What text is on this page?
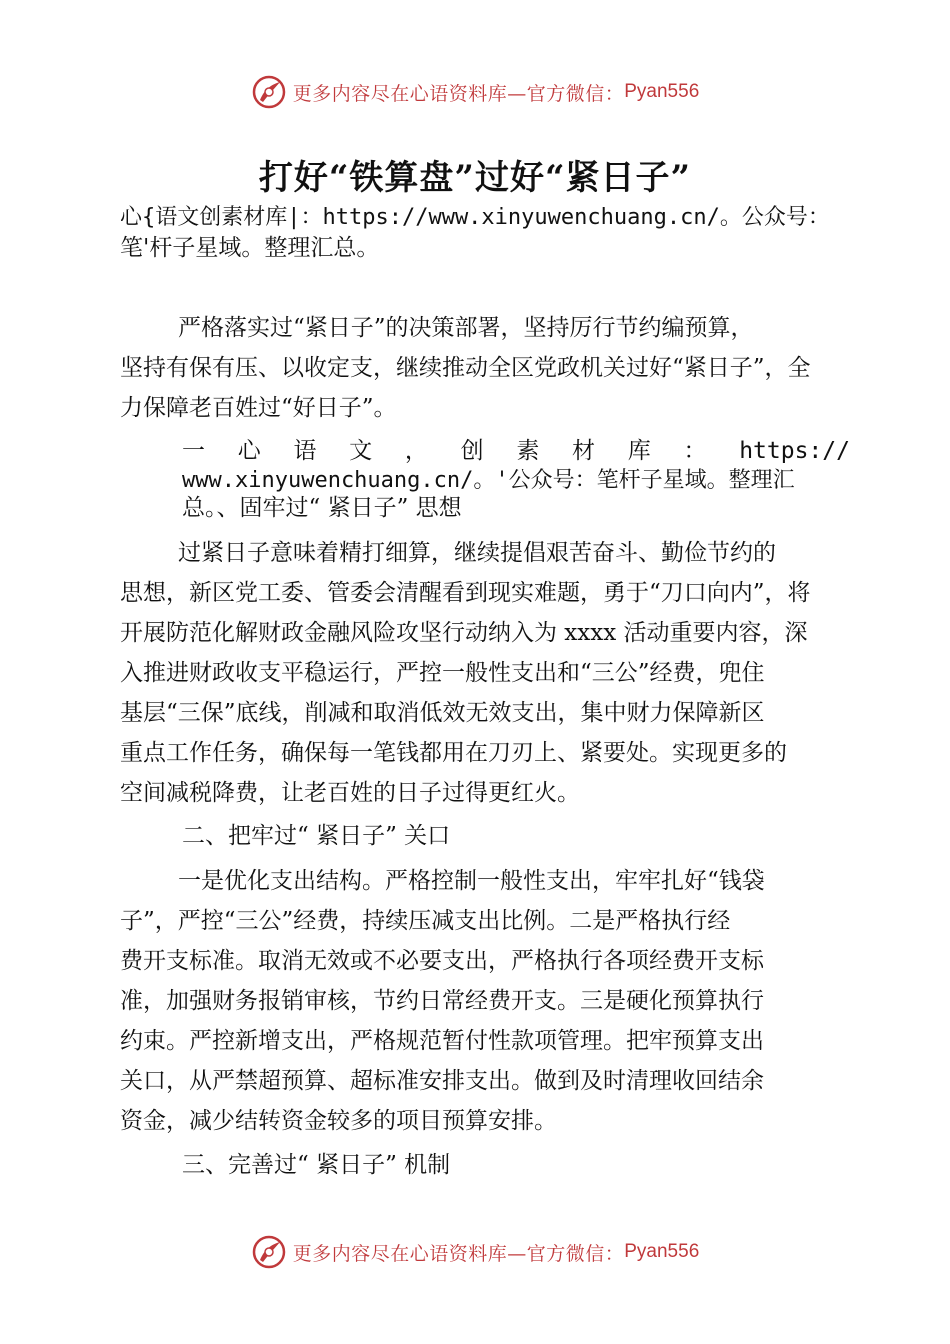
更多内容尽在心语资料库—官方微信： Pyan556
打好“铁算盘”过好“紧日子”
心{语文创素材库|：https://www.xinyuwenchuang.cn/。公众号：
笔'杆子星域。整理汇总。
严格落实过“紧日子”的决策部署，坚持厉行节约编预算，
坚持有保有压、以收定支，继续推动全区党政机关过好“紧日子”，全
力保障老百姓过“好日子”。
一 心 语 文 ， 创 素 材 库 ： https://
www.xinyuwenchuang.cn/。'公众号：笔杆子星域。整理汇
总。、固牢过“ 紧日子” 思想
过紧日子意味着精打细算，继续提倡艰苦奋斗、勤俭节约的
思想，新区党工委、管委会清醒看到现实难题，勇于“刀口向内”，将
开展防范化解财政金融风险攻坚行动纳入为 xxxx 活动重要内容，深
入推进财政收支平稳运行，严控一般性支出和“三公”经费，兜住
基层“三保”底线，削减和取消低效无效支出，集中财力保障新区
重点工作任务，确保每一笔钱都用在刀刃上、紧要处。实现更多的
空间减税降费，让老百姓的日子过得更红火。
二、把牢过“ 紧日子” 关口
一是优化支出结构。严格控制一般性支出，牢牢扎好“钱袋
子”，严控“三公”经费，持续压减支出比例。二是严格执行经
费开支标准。取消无效或不必要支出，严格执行各项经费开支标
准，加强财务报销审核，节约日常经费开支。三是硬化预算执行
约束。严控新增支出，严格规范暂付性款项管理。把牢预算支出
关口，从严禁超预算、超标准安排支出。做到及时清理收回结余
资金，减少结转资金较多的项目预算安排。
三、完善过“ 紧日子” 机制
更多内容尽在心语资料库—官方微信： Pyan556
